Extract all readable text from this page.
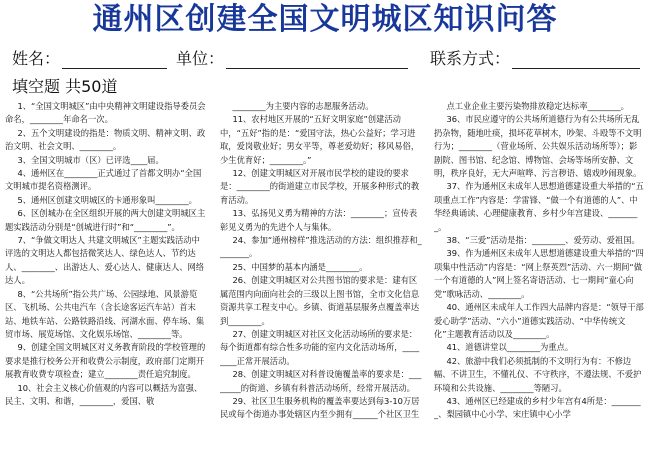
通州区创建全国文明城区知识问答
姓名：	单位：	联系方式：
填空题 共50道

1、“全国文明城区”由中央精神文明建设指导委员会命名，________年命名一次。

2、五个文明建设的指是：物质文明、精神文明、政治文明、社会文明、________。

3、全国文明城市（区）已评选____届。

4、通州区在________正式通过了首都文明办“全国文明城市提名资格测评。

5、通州区创建文明城区的卡通形象叫________。

6、区创城办在全区组织开展的两大创建文明城区主题实践活动分别是“创城进行时”和“________”。

7、“争做文明达人 共建文明城区”主题实践活动中评选的文明达人都包括微笑达人、绿色达人、节约达人、________、出游达人、爱心达人、健康达人、网络达人。

8、“公共场所”指公共广场、公园绿地、风景游览区、飞机场、公共电汽车（含长途客运汽车站）首末站、地铁车站、公路铁路沿线、河湖水面、停车场、集贸市场、展览场馆、文化娱乐场馆、________等。

9、创建全国文明城区对义务教育阶段的学校管理的要求是推行校务公开和收费公示制度，政府部门定期开展教育收费专项检查；建立________责任追究制度。

10、社会主义核心价值观的内容可以概括为富强、民主、文明、和谐，________，爱国、敬

________为主要内容的志愿服务活动。

11、农村地区开展的“五好文明家庭”创建活动中，“五好”指的是：“爱国守法，热心公益好；学习进取，爱岗敬业好；男女平等，尊老爱幼好；移风易俗，少生优育好；________。”

12、创建文明城区对开展市民学校的建设的要求是：________的街道建立市民学校，开展多种形式的教育活动。

13、弘扬见义勇为精神的方法：________；宣传表彰见义勇为的先进个人与集体。

24、参加“通州榜样”推选活动的方法：组织推荐和________。

25、中国梦的基本内涵是________。

26、创建文明城区对公共图书馆的要求是：建有区属范围内向面向社会的三级以上图书馆，全市文化信息资源共享工程支中心。乡镇、街道基层服务点覆盖率达到________。

27、创建文明城区对社区文化活动场所的要求是：每个街道都有综合性多功能的室内文化活动场所，________正常开展活动。

28、创建文明城区对科普设施覆盖率的要求是：________的街道、乡镇有科普活动场所，经常开展活动。

29、社区卫生服务机构的覆盖率要达到每3-10万居民或每个街道办事处辖区内至少拥有______个社区卫生

点工业企业主要污染物排放稳定达标率________。

36、市民应遵守的公共场所道德行为有公共场所无乱扔杂物，随地吐痰，损坏花草树木，吵架、斗殴等不文明行为；________（营业场所、公共娱乐活动场所等）；影剧院、图书馆、纪念馆、博物馆、会场等场所安静、文明，秩序良好，无大声喧哗、污言秽语、嬉戏吵闹现象。

37、作为通州区未成年人思想道德建设重大举措的“五项重点工作”内容是：学雷锋、“做一个有道德的人”、中华经典诵读、心理健康教育、乡村少年宫建设、________。

38、“三爱”活动是指：________、爱劳动、爱祖国。

39、作为通州区未成年人思想道德建设重大举措的“四项集中性活动”内容是：“网上祭英烈”活动、六一期间“做一个有道德的人”网上签名寄语活动、七一期间“童心向党”歌咏活动、________。

40、通州区未成年人工作四大品牌内容是：“领导干部爱心助学”活动、“六小”道德实践活动、“中华传统文化”主题教育活动以及________。

41、道德讲堂以________为重点。

42、旅游中我们必须抵制的不文明行为有：不修边幅、不讲卫生，不懂礼仪、不守秩序，不遵法规、不爱护环境和公共设施、________等陋习。

43、通州区已经建成的乡村少年宫有4所是：________、梨园镇中心小学、宋庄镇中心小学
